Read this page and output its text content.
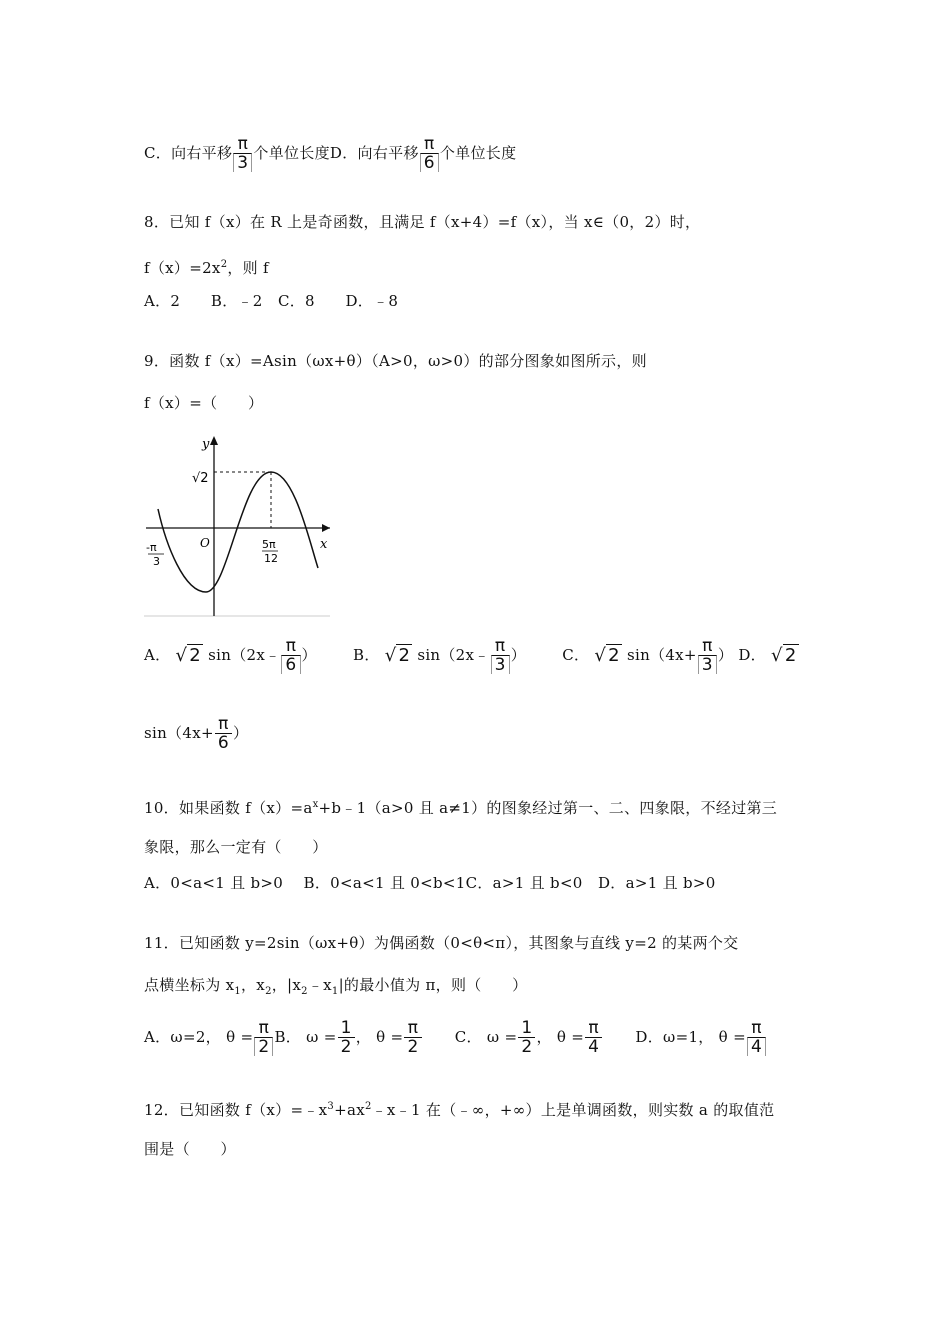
C．向右平移 $\frac{\pi}{3}$ 个单位长度D．向右平移 $\frac{\pi}{6}$ 个单位长度
8．已知 f（x）在 R 上是奇函数，且满足 f（x+4）=f（x），当 x∈（0，2）时，
$f(x)=2x^2$，则 f
A．2　　B．﹣2　C．8　　D．﹣8
9．函数 f（x）=Asin（ωx+θ）（A>0，ω>0）的部分图象如图所示，则
f（x）=（　　）
y
x
O
√2
5π
12
-π
3
A． √ 2 sin（2x﹣ $\frac{\pi}{6}$ ） B． √ 2 sin（2x﹣ $\frac{\pi}{3}$ ） C． √ 2 $\sin(4x+ \frac{\pi}{3}$ ） D． √ 2
$\sin(4x+ \frac{\pi}{6}$ ）
10．如果函数 $f(x)=a^x+b﹣1(a>0$ 且 a≠1）的图象经过第一、二、四象限，不经过第三
象限，那么一定有（　　）
A．0<a<1 且 b>0　 B．0<a<1 且 0<b<1C．a>1 且 b<0　D．a>1 且 b>0
11．已知函数 y=2sin（ωx+θ）为偶函数（0<θ<π），其图象与直线 y=2 的某两个交
点横坐标为 $x_1$，$x_2$，$|x_2﹣x_1|$的最小值为 π，则（　　）
A．ω=2， $\theta = \frac{\pi}{2}$ B． $\omega = \frac{1}{2}$ ， $\theta = \frac{\pi}{2}$ C． $\omega = \frac{1}{2}$ ， $\theta = \frac{\pi}{4}$ D．ω=1， $\theta = \frac{\pi}{4}$
12．已知函数 $f(x)=﹣x^3+ax^2﹣x﹣1$ 在（﹣∞，+∞）上是单调函数，则实数 a 的取值范
围是（　　）
